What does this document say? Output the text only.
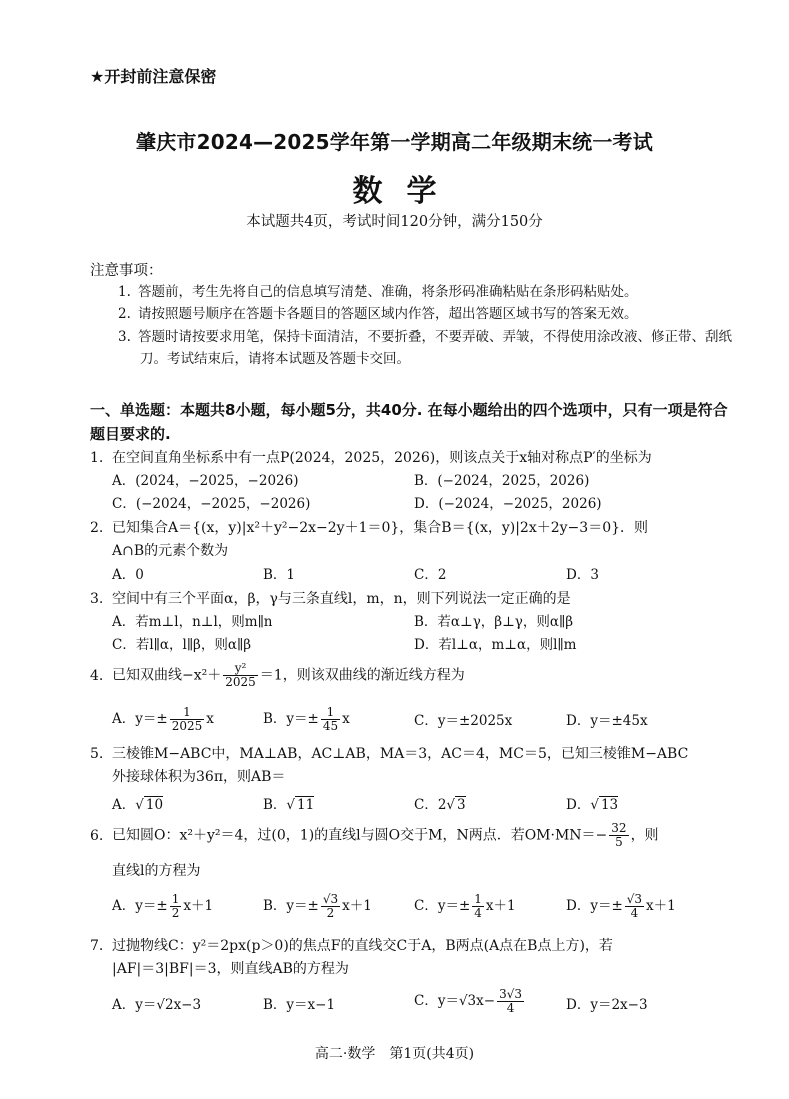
★开封前注意保密
肇庆市2024—2025学年第一学期高二年级期末统一考试
数学
本试题共4页，考试时间120分钟，满分150分
注意事项：
1. 答题前，考生先将自己的信息填写清楚、准确，将条形码准确粘贴在条形码粘贴处。
2. 请按照题号顺序在答题卡各题目的答题区域内作答，超出答题区域书写的答案无效。
3. 答题时请按要求用笔，保持卡面清洁，不要折叠，不要弄破、弄皱，不得使用涂改液、修正带、刮纸刀。考试结束后，请将本试题及答题卡交回。
一、单选题：本题共8小题，每小题5分，共40分. 在每小题给出的四个选项中，只有一项是符合题目要求的.
1. 在空间直角坐标系中有一点P(2024，2025，2026)，则该点关于x轴对称点P′的坐标为
A．(2024，−2025，−2026)	B．(−2024，2025，2026)
C．(−2024，−2025，−2026)	D．(−2024，−2025，2026)
2. 已知集合A＝{(x，y)|x²＋y²−2x−2y＋1＝0}，集合B＝{(x，y)|2x＋2y−3＝0}．则
A∩B的元素个数为
A．0	B．1	C．2	D．3
3. 空间中有三个平面α，β，γ与三条直线l，m，n，则下列说法一定正确的是
A．若m⊥l，n⊥l，则m∥n	B．若α⊥γ，β⊥γ，则α∥β
C．若l∥α，l∥β，则α∥β	D．若l⊥α，m⊥α，则l∥m
4. 已知双曲线$-x^2+ \frac{\text{y²}}{2025} =1$，则该双曲线的渐近线方程为
A．$y=\pm \frac{1}{2025}$ x	B．$y=\pm \frac{1}{45}$ x	C．y＝±2025x	D．y＝±45x
5. 三棱锥M−ABC中，MA⊥AB，AC⊥AB，MA＝3，AC＝4，MC＝5，已知三棱锥M−ABC
外接球体积为36π，则AB＝
A．√ 10	B．√ 11	C．2√ 3	D．√ 13
6. 已知圆O：x²＋y²＝4，过(0，1)的直线l与圆O交于M，N两点．若$OM\cdot MN=- \frac{32}{5}$ ，则
直线l的方程为
A．$y=\pm \frac{1}{2} x+1$	B．$y=\pm \frac{√3}{2} x+1$	C．$y=\pm \frac{1}{4} x+1$	D．$y=\pm \frac{√3}{4} x+1$
7. 过抛物线C：y²＝2px(p＞0)的焦点F的直线交C于A，B两点(A点在B点上方)，若
|AF|＝3|BF|＝3，则直线AB的方程为
A．y＝√2x−3	B．y＝x−1	C．$y=√3x- \frac{3√3}{4}$	D．y＝2x−3
高二·数学　第1页(共4页)
